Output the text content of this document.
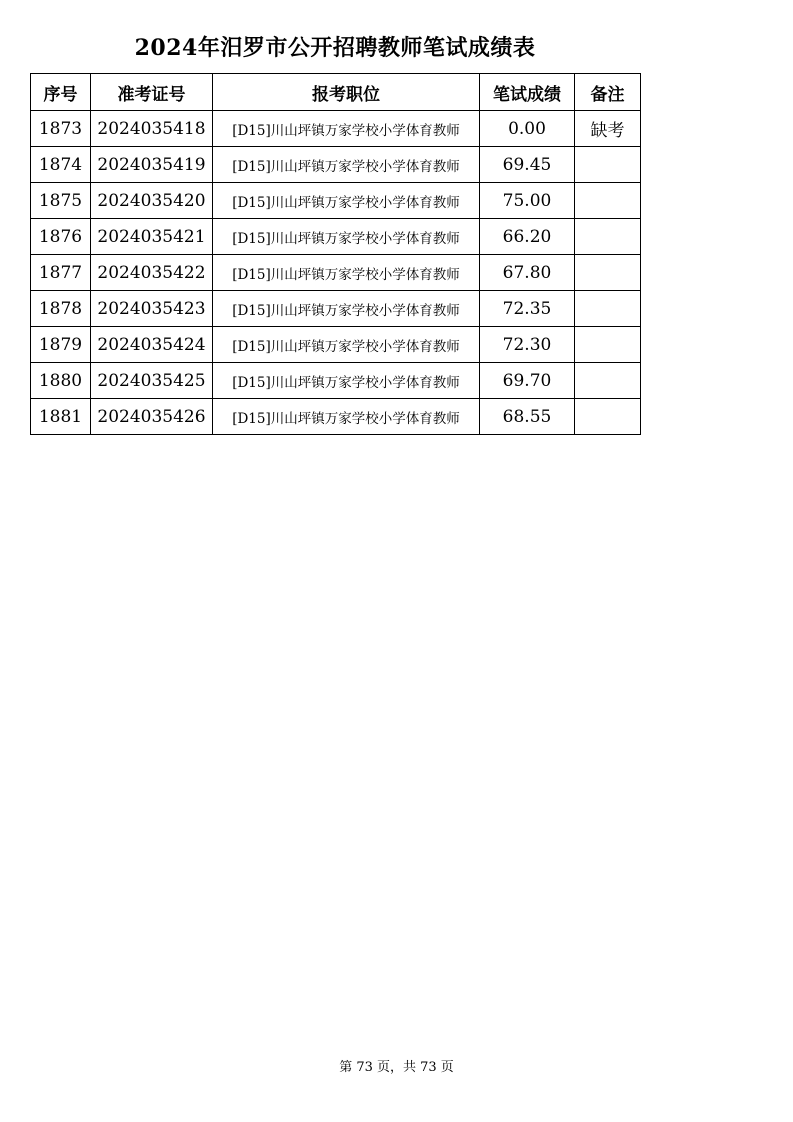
2024年汨罗市公开招聘教师笔试成绩表
序号	准考证号	报考职位	笔试成绩	备注
1873	2024035418	[D15]川山坪镇万家学校小学体育教师	0.00	缺考
1874	2024035419	[D15]川山坪镇万家学校小学体育教师	69.45	
1875	2024035420	[D15]川山坪镇万家学校小学体育教师	75.00	
1876	2024035421	[D15]川山坪镇万家学校小学体育教师	66.20	
1877	2024035422	[D15]川山坪镇万家学校小学体育教师	67.80	
1878	2024035423	[D15]川山坪镇万家学校小学体育教师	72.35	
1879	2024035424	[D15]川山坪镇万家学校小学体育教师	72.30	
1880	2024035425	[D15]川山坪镇万家学校小学体育教师	69.70	
1881	2024035426	[D15]川山坪镇万家学校小学体育教师	68.55	
第 73 页，共 73 页
